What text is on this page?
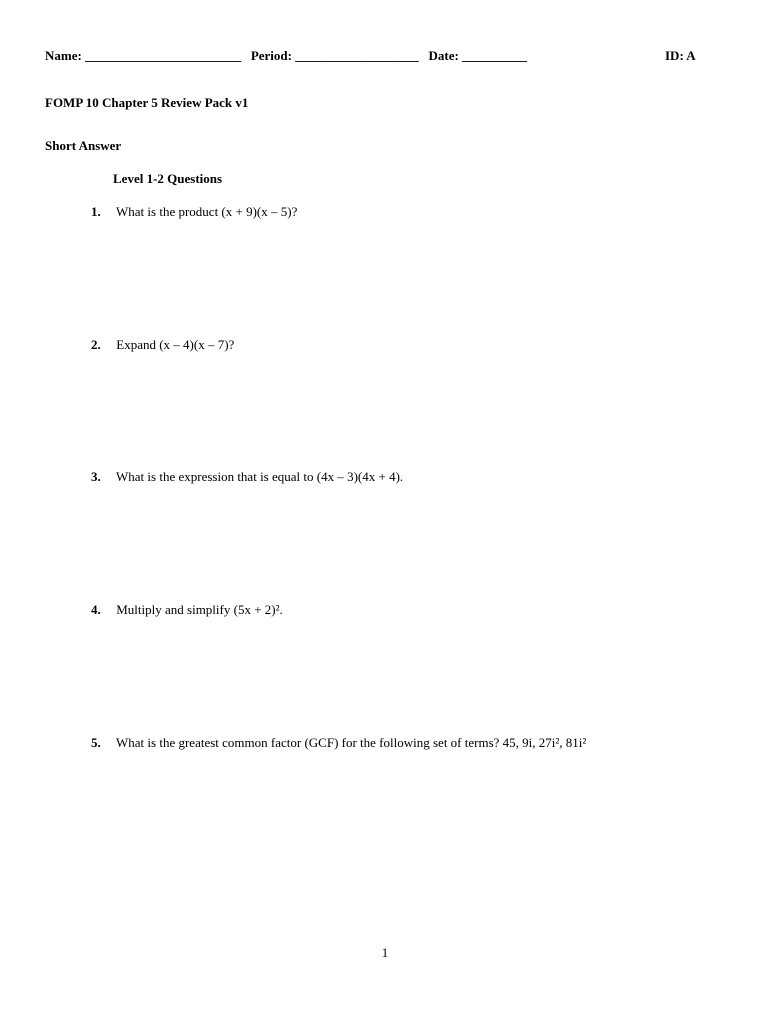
Name: ________________________ Period: ___________________ Date: __________	ID: A
FOMP 10 Chapter 5 Review Pack v1
Short Answer
Level 1-2 Questions
1. What is the product (x + 9)(x – 5)?
2. Expand (x – 4)(x – 7)?
3. What is the expression that is equal to (4x – 3)(4x + 4).
4. Multiply and simplify (5x + 2)².
5. What is the greatest common factor (GCF) for the following set of terms? 45, 9i, 27i², 81i²
1
